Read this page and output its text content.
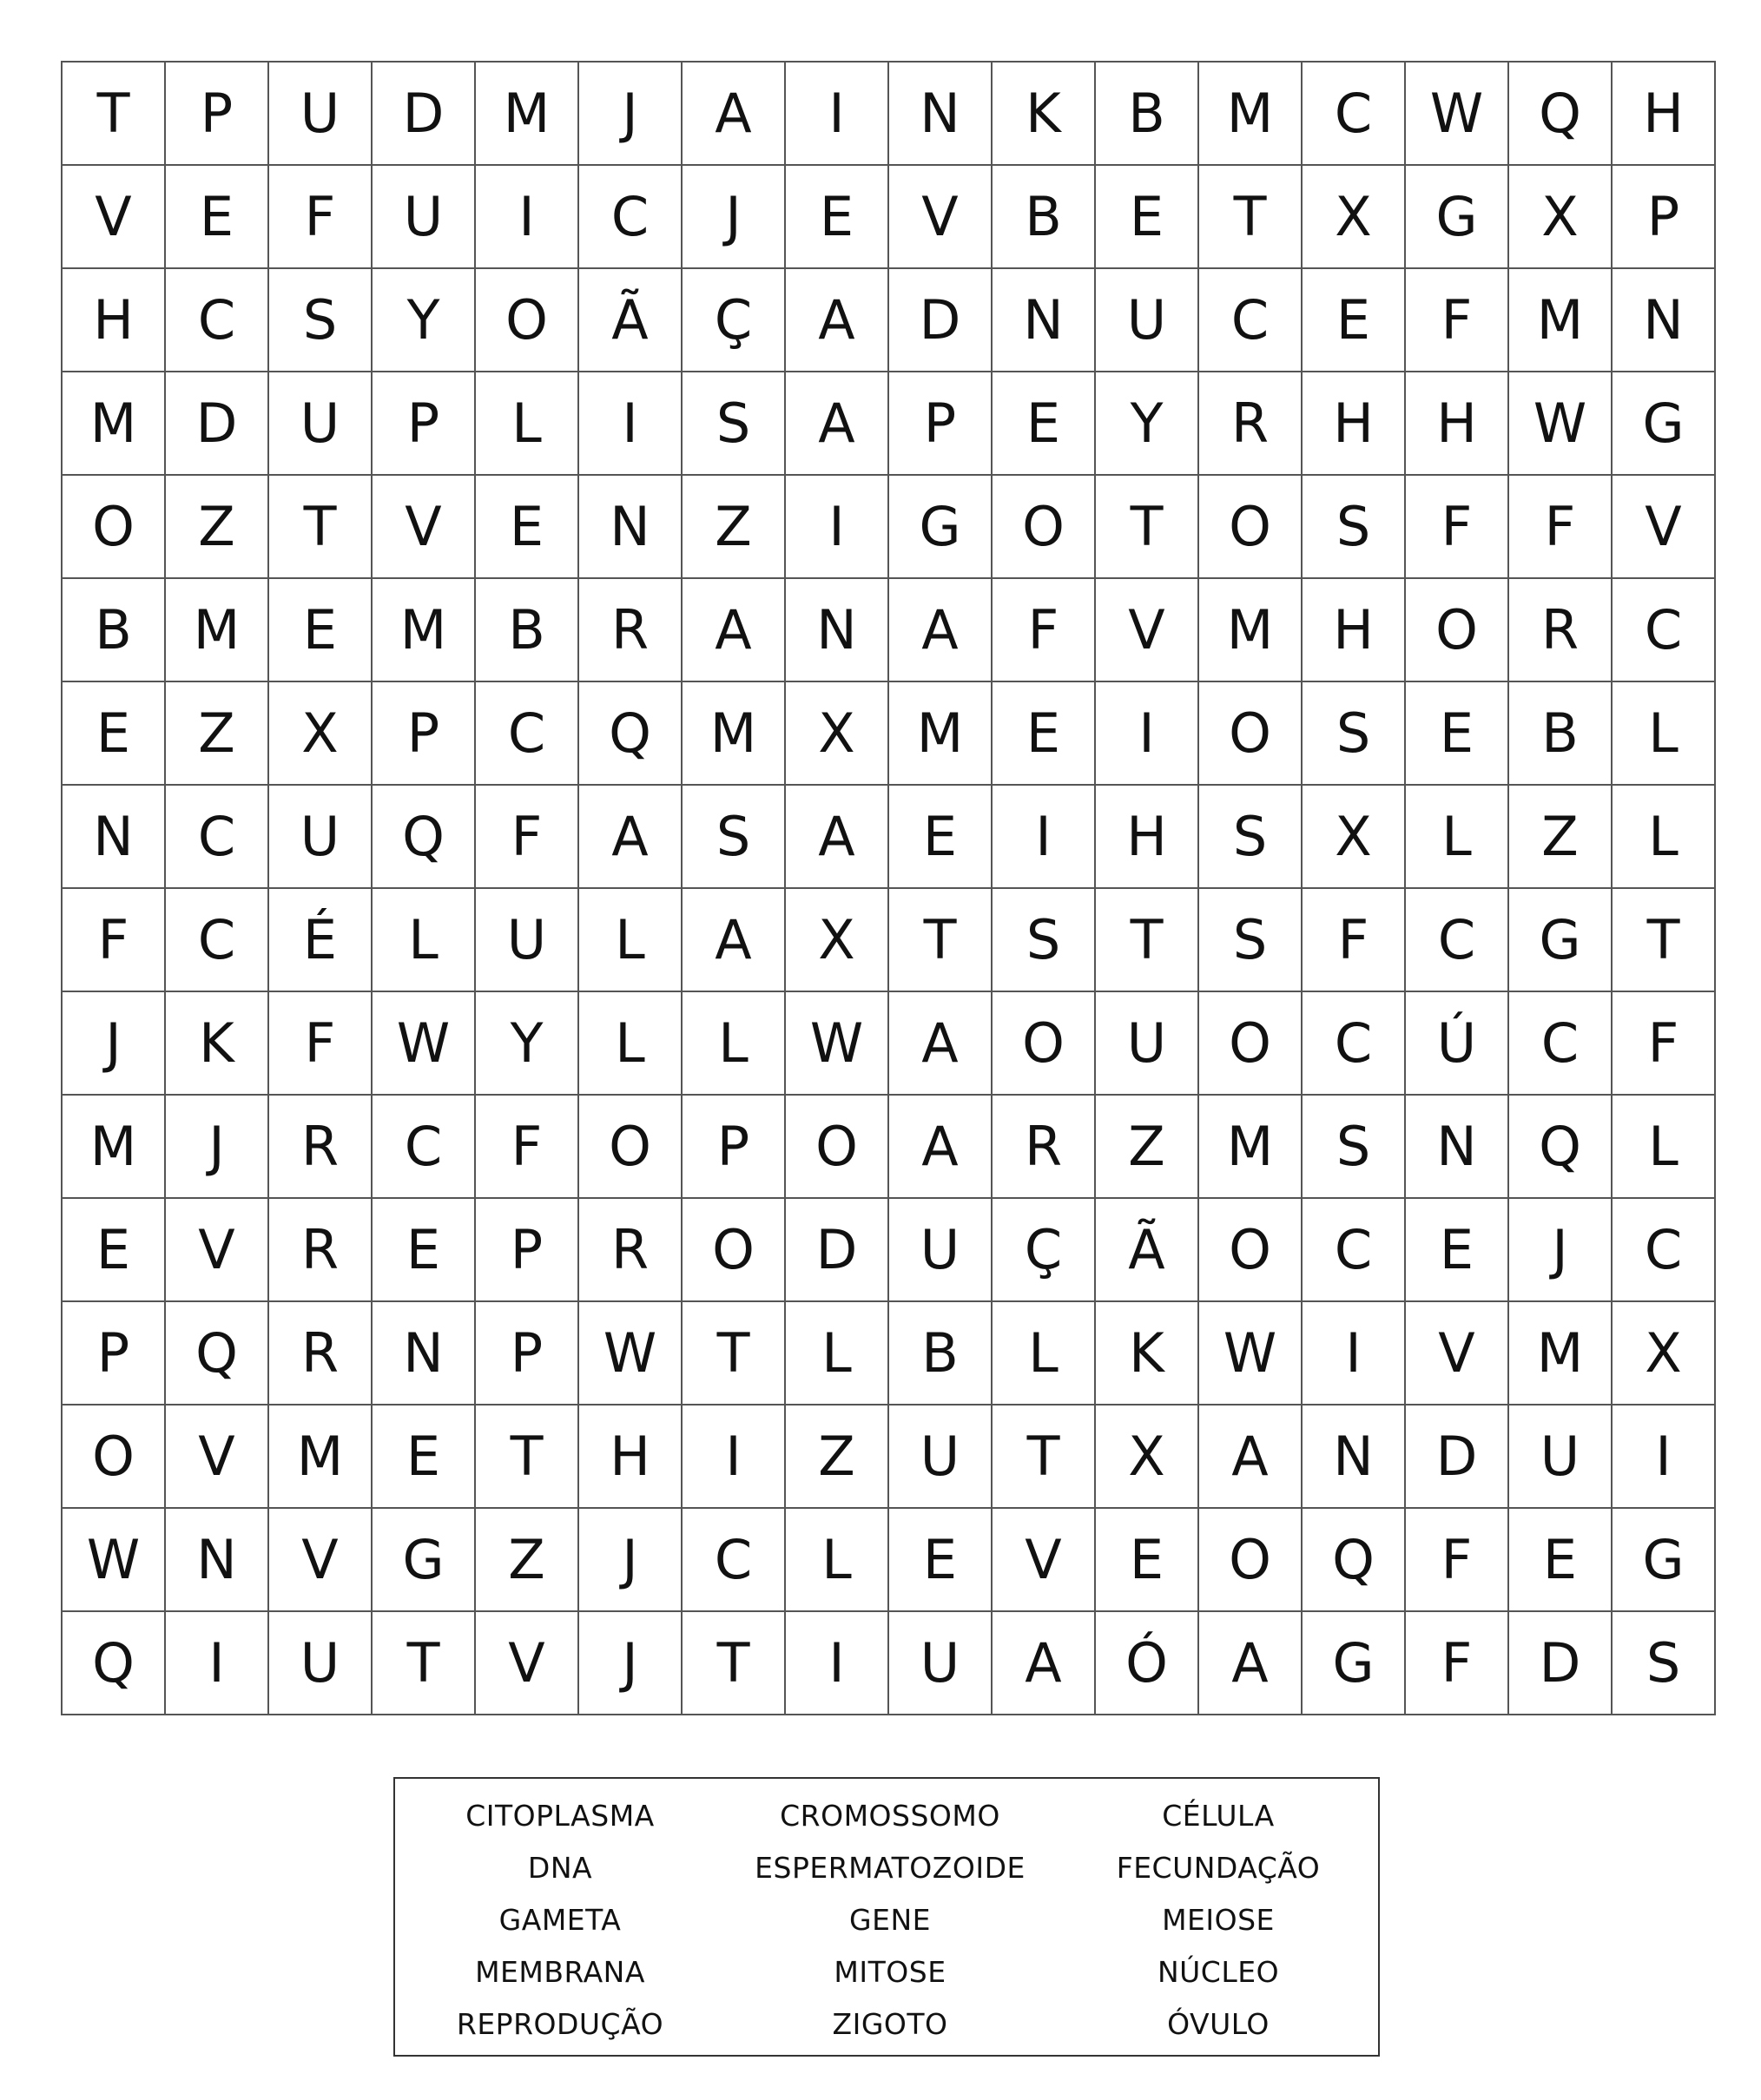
T	P	U	D	M	J	A	I	N	K	B	M	C	W	Q	H
V	E	F	U	I	C	J	E	V	B	E	T	X	G	X	P
H	C	S	Y	O	Ã	Ç	A	D	N	U	C	E	F	M	N
M	D	U	P	L	I	S	A	P	E	Y	R	H	H	W	G
O	Z	T	V	E	N	Z	I	G	O	T	O	S	F	F	V
B	M	E	M	B	R	A	N	A	F	V	M	H	O	R	C
E	Z	X	P	C	Q	M	X	M	E	I	O	S	E	B	L
N	C	U	Q	F	A	S	A	E	I	H	S	X	L	Z	L
F	C	É	L	U	L	A	X	T	S	T	S	F	C	G	T
J	K	F	W	Y	L	L	W	A	O	U	O	C	Ú	C	F
M	J	R	C	F	O	P	O	A	R	Z	M	S	N	Q	L
E	V	R	E	P	R	O	D	U	Ç	Ã	O	C	E	J	C
P	Q	R	N	P	W	T	L	B	L	K	W	I	V	M	X
O	V	M	E	T	H	I	Z	U	T	X	A	N	D	U	I
W	N	V	G	Z	J	C	L	E	V	E	O	Q	F	E	G
Q	I	U	T	V	J	T	I	U	A	Ó	A	G	F	D	S
CITOPLASMA	CROMOSSOMO	CÉLULA
DNA	ESPERMATOZOIDE	FECUNDAÇÃO
GAMETA	GENE	MEIOSE
MEMBRANA	MITOSE	NÚCLEO
REPRODUÇÃO	ZIGOTO	ÓVULO
